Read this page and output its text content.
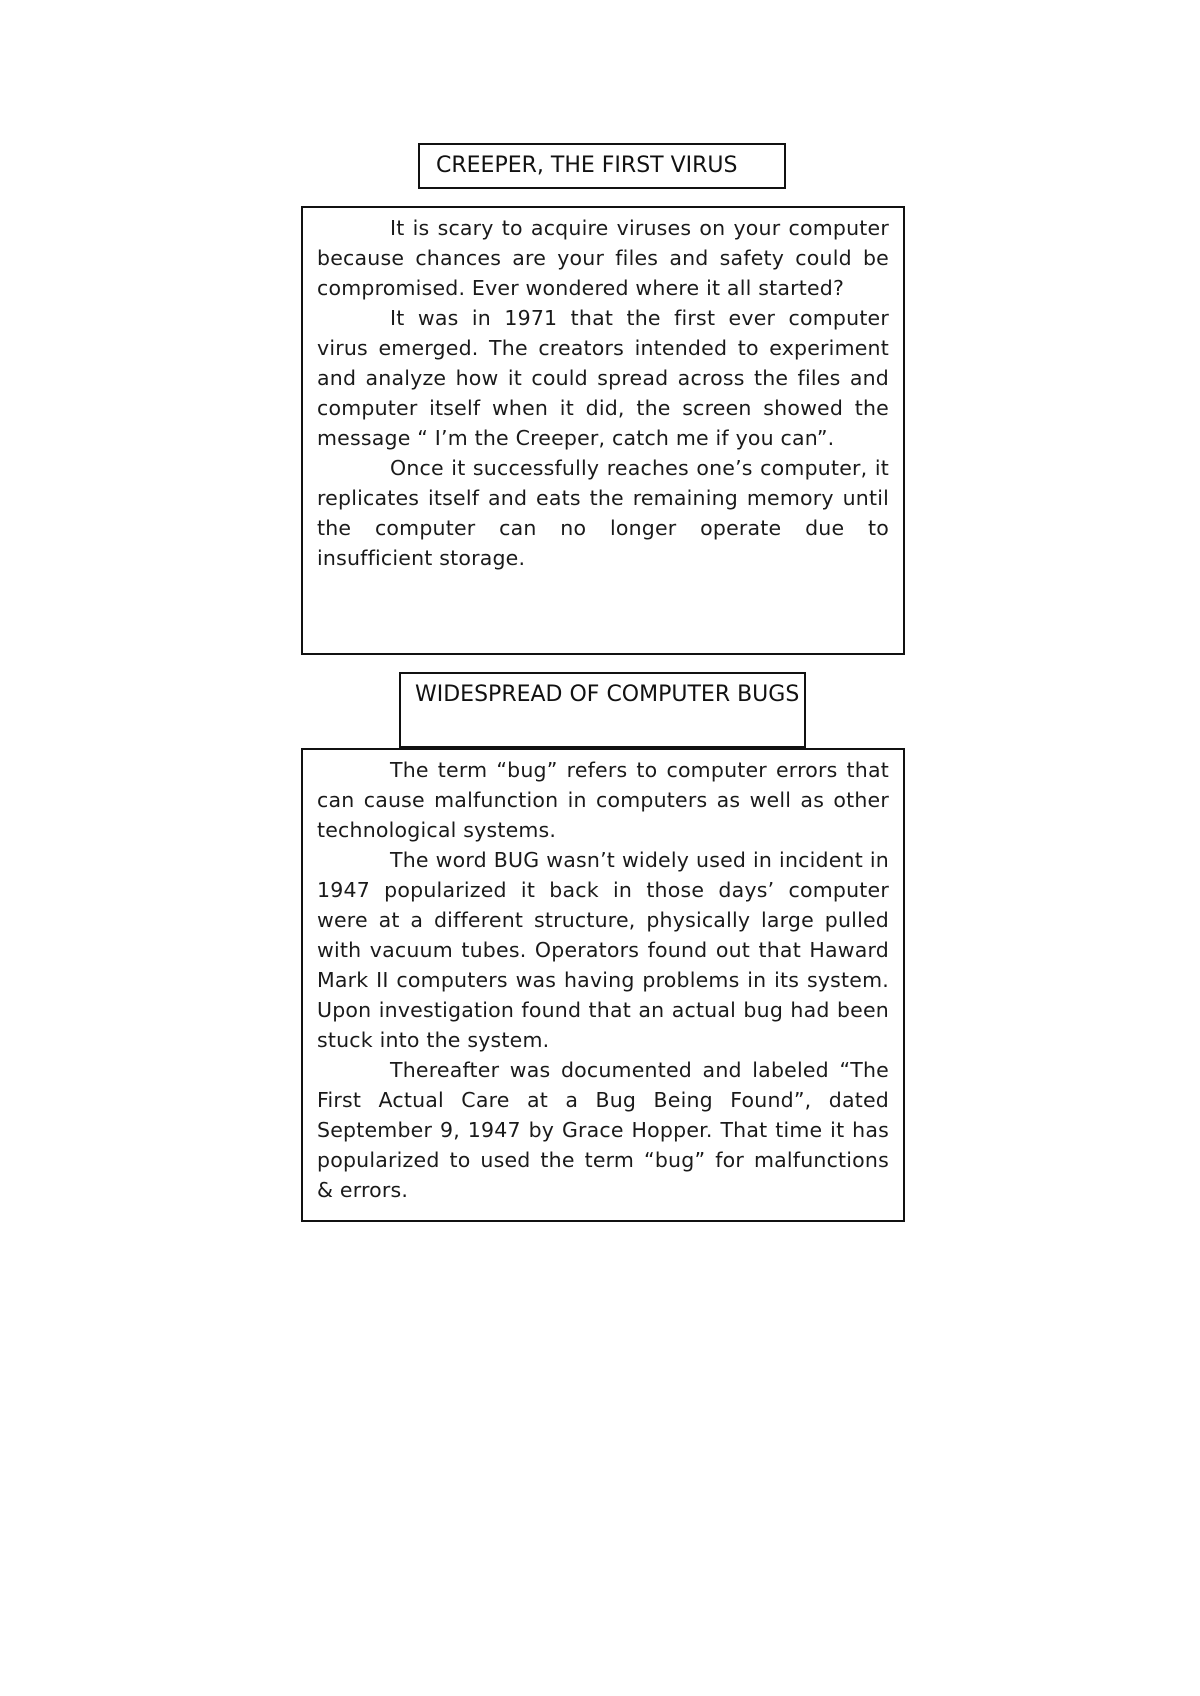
CREEPER, THE FIRST VIRUS

It is scary to acquire viruses on your computer because chances are your files and safety could be compromised. Ever wondered where it all started?

It was in 1971 that the first ever computer virus emerged. The creators intended to experiment and analyze how it could spread across the files and computer itself when it did, the screen showed the message “ I’m the Creeper, catch me if you can”.

Once it successfully reaches one’s computer, it replicates itself and eats the remaining memory until the computer can no longer operate due to insufficient storage.

WIDESPREAD OF COMPUTER BUGS

The term “bug” refers to computer errors that can cause malfunction in computers as well as other technological systems.

The word BUG wasn’t widely used in incident in 1947 popularized it back in those days’ computer were at a different structure, physically large pulled with vacuum tubes. Operators found out that Haward Mark II computers was having problems in its system. Upon investigation found that an actual bug had been stuck into the system.

Thereafter was documented and labeled “The First Actual Care at a Bug Being Found”, dated September 9, 1947 by Grace Hopper. That time it has popularized to used the term “bug” for malfunctions & errors.
